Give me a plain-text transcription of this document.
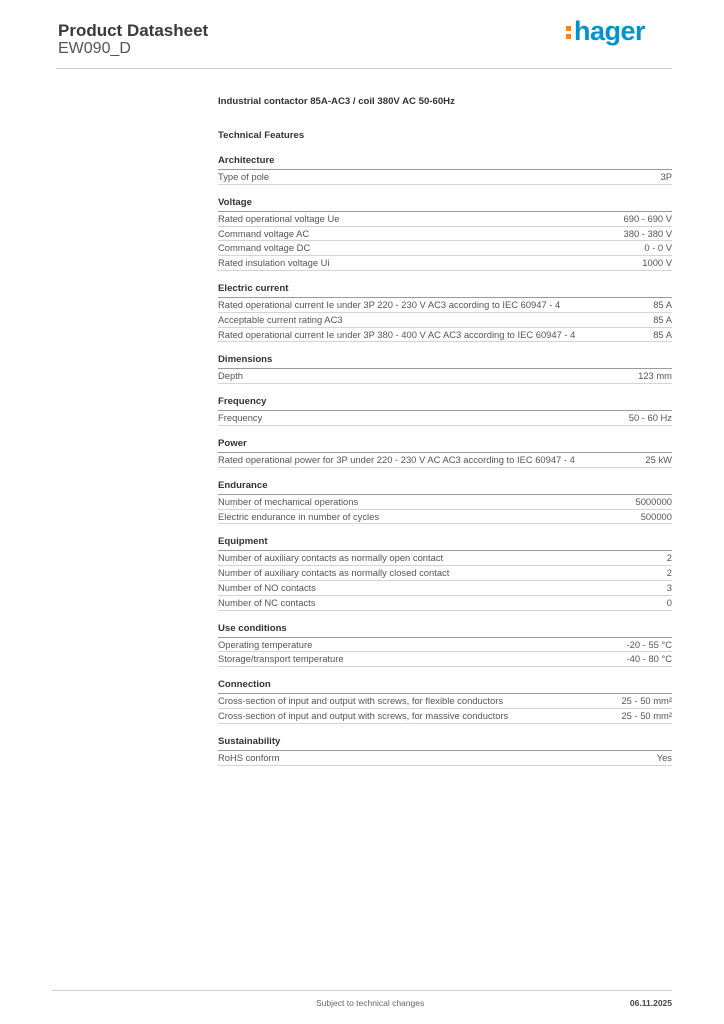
Product Datasheet
EW090_D
hager
Industrial contactor 85A-AC3 / coil 380V AC 50-60Hz
Technical Features
Architecture
Type of pole	3P
Voltage
Rated operational voltage Ue	690 - 690 V
Command voltage AC	380 - 380 V
Command voltage DC	0 - 0 V
Rated insulation voltage Ui	1000 V
Electric current
Rated operational current Ie under 3P 220 - 230 V AC3 according to IEC 60947 - 4	85 A
Acceptable current rating AC3	85 A
Rated operational current Ie under 3P 380 - 400 V AC AC3 according to IEC 60947 - 4	85 A
Dimensions
Depth	123 mm
Frequency
Frequency	50 - 60 Hz
Power
Rated operational power for 3P under 220 - 230 V AC AC3 according to IEC 60947 - 4	25 kW
Endurance
Number of mechanical operations	5000000
Electric endurance in number of cycles	500000
Equipment
Number of auxiliary contacts as normally open contact	2
Number of auxiliary contacts as normally closed contact	2
Number of NO contacts	3
Number of NC contacts	0
Use conditions
Operating temperature	-20 - 55 °C
Storage/transport temperature	-40 - 80 °C
Connection
Cross-section of input and output with screws, for flexible conductors	25 - 50 mm²
Cross-section of input and output with screws, for massive conductors	25 - 50 mm²
Sustainability
RoHS conform	Yes
Subject to technical changes	06.11.2025
